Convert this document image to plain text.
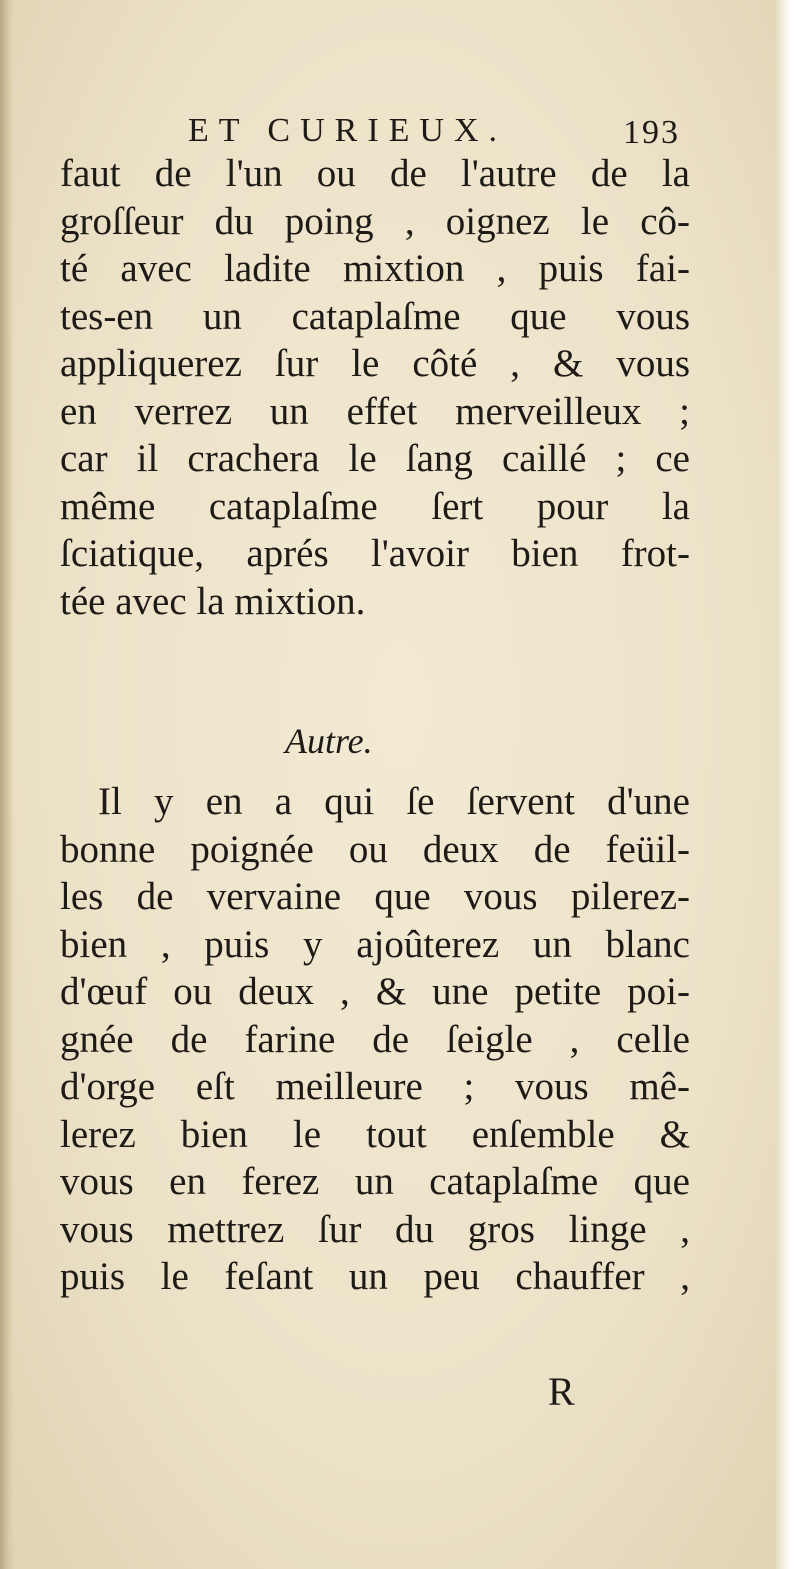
ET CURIEUX.	193
faut de l'un ou de l'autre de la
groſſeur du poing , oignez le cô-
té avec ladite mixtion , puis fai-
tes-en un cataplaſme que vous
appliquerez ſur le côté , & vous
en verrez un effet merveilleux ;
car il crachera le ſang caillé ; ce
même cataplaſme ſert pour la
ſciatique, aprés l'avoir bien frot-
tée avec la mixtion.
Autre.
Il y en a qui ſe ſervent d'une
bonne poignée ou deux de feüil-
les de vervaine que vous pilerez-
bien , puis y ajoûterez un blanc
d'œuf ou deux , & une petite poi-
gnée de farine de ſeigle , celle
d'orge eſt meilleure ; vous mê-
lerez bien le tout enſemble &
vous en ferez un cataplaſme que
vous mettrez ſur du gros linge ,
puis le feſant un peu chauffer ,
R
